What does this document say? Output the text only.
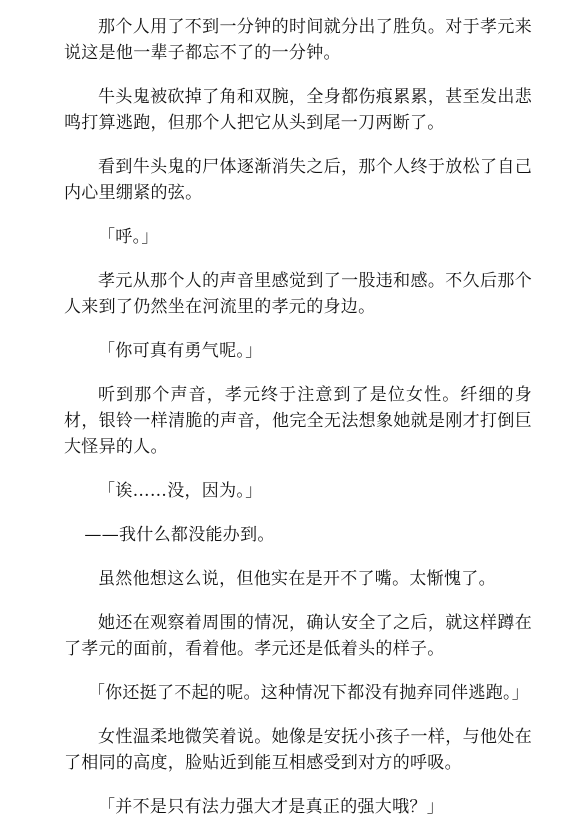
那个人用了不到一分钟的时间就分出了胜负。对于孝元来说这是他一辈子都忘不了的一分钟。

牛头鬼被砍掉了角和双腕，全身都伤痕累累，甚至发出悲鸣打算逃跑，但那个人把它从头到尾一刀两断了。

看到牛头鬼的尸体逐渐消失之后，那个人终于放松了自己内心里绷紧的弦。

「呼。」

孝元从那个人的声音里感觉到了一股违和感。不久后那个人来到了仍然坐在河流里的孝元的身边。

「你可真有勇气呢。」

听到那个声音，孝元终于注意到了是位女性。纤细的身材，银铃一样清脆的声音，他完全无法想象她就是刚才打倒巨大怪异的人。

「诶……没，因为。」

——我什么都没能办到。

虽然他想这么说，但他实在是开不了嘴。太惭愧了。

她还在观察着周围的情况，确认安全了之后，就这样蹲在了孝元的面前，看着他。孝元还是低着头的样子。

「你还挺了不起的呢。这种情况下都没有抛弃同伴逃跑。」

女性温柔地微笑着说。她像是安抚小孩子一样，与他处在了相同的高度，脸贴近到能互相感受到对方的呼吸。

「并不是只有法力强大才是真正的强大哦？」
